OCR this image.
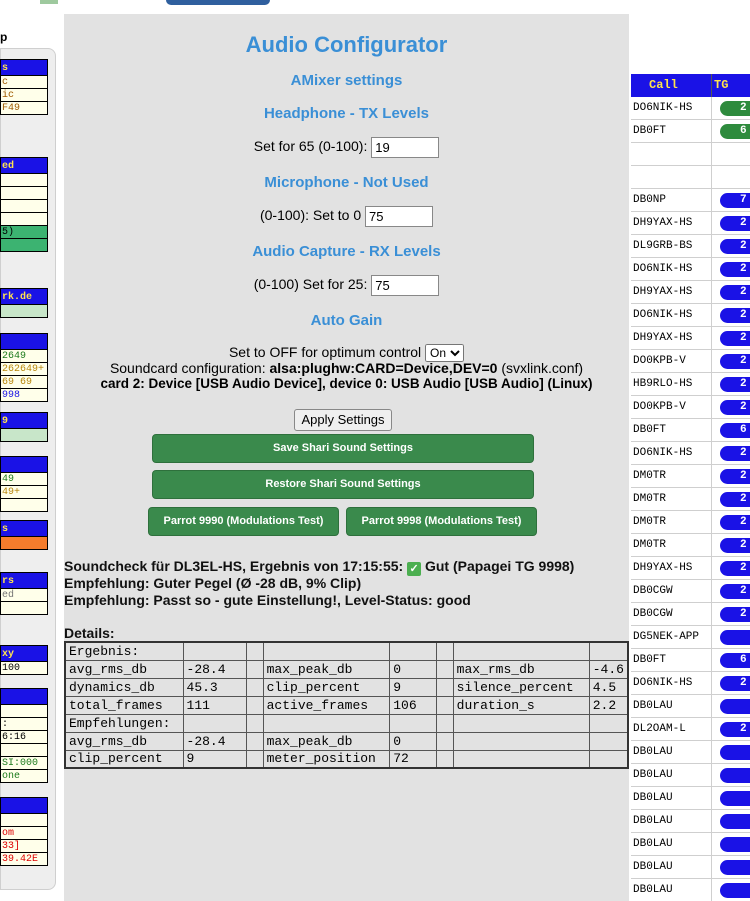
p
s
c
ic
F49
ed
5)
rk.de
2649
262649+
69 69
998
9
49
49+
s
rs
ed
xy
100
:
6:16
SI:000
one
om
33]
39.42E
Audio Configurator
AMixer settings
Headphone - TX Levels
Set for 65 (0-100): 19
Microphone - Not Used
(0-100): Set to 0 75
Audio Capture - RX Levels
(0-100) Set for 25: 75
Auto Gain
Set to OFF for optimum control
On
Soundcard configuration: alsa:plughw:CARD=Device,DEV=0 (svxlink.conf)
card 2: Device [USB Audio Device], device 0: USB Audio [USB Audio] (Linux)
Apply Settings
Save Shari Sound Settings
Restore Shari Sound Settings
Parrot 9990 (Modulations Test)	Parrot 9998 (Modulations Test)
Soundcheck für DL3EL-HS, Ergebnis von 17:15:55: ✓ Gut (Papagei TG 9998)
Empfehlung: Guter Pegel (Ø -28 dB, 9% Clip)
Empfehlung: Passt so - gute Einstellung!, Level-Status: good
Details:
Ergebnis:							
avg_rms_db	-28.4		max_peak_db	0		max_rms_db	-4.6
dynamics_db	45.3		clip_percent	9		silence_percent	4.5
total_frames	111		active_frames	106		duration_s	2.2
Empfehlungen:							
avg_rms_db	-28.4		max_peak_db	0			
clip_percent	9		meter_position	72			
Call	TG
DO6NIK-HS	2
DB0FT	6
DB0NP	7
DH9YAX-HS	2
DL9GRB-BS	2
DO6NIK-HS	2
DH9YAX-HS	2
DO6NIK-HS	2
DH9YAX-HS	2
DO0KPB-V	2
HB9RLO-HS	2
DO0KPB-V	2
DB0FT	6
DO6NIK-HS	2
DM0TR	2
DM0TR	2
DM0TR	2
DM0TR	2
DH9YAX-HS	2
DB0CGW	2
DB0CGW	2
DG5NEK-APP
DB0FT	6
DO6NIK-HS	2
DB0LAU
DL2OAM-L	2
DB0LAU
DB0LAU
DB0LAU
DB0LAU
DB0LAU
DB0LAU
DB0LAU
